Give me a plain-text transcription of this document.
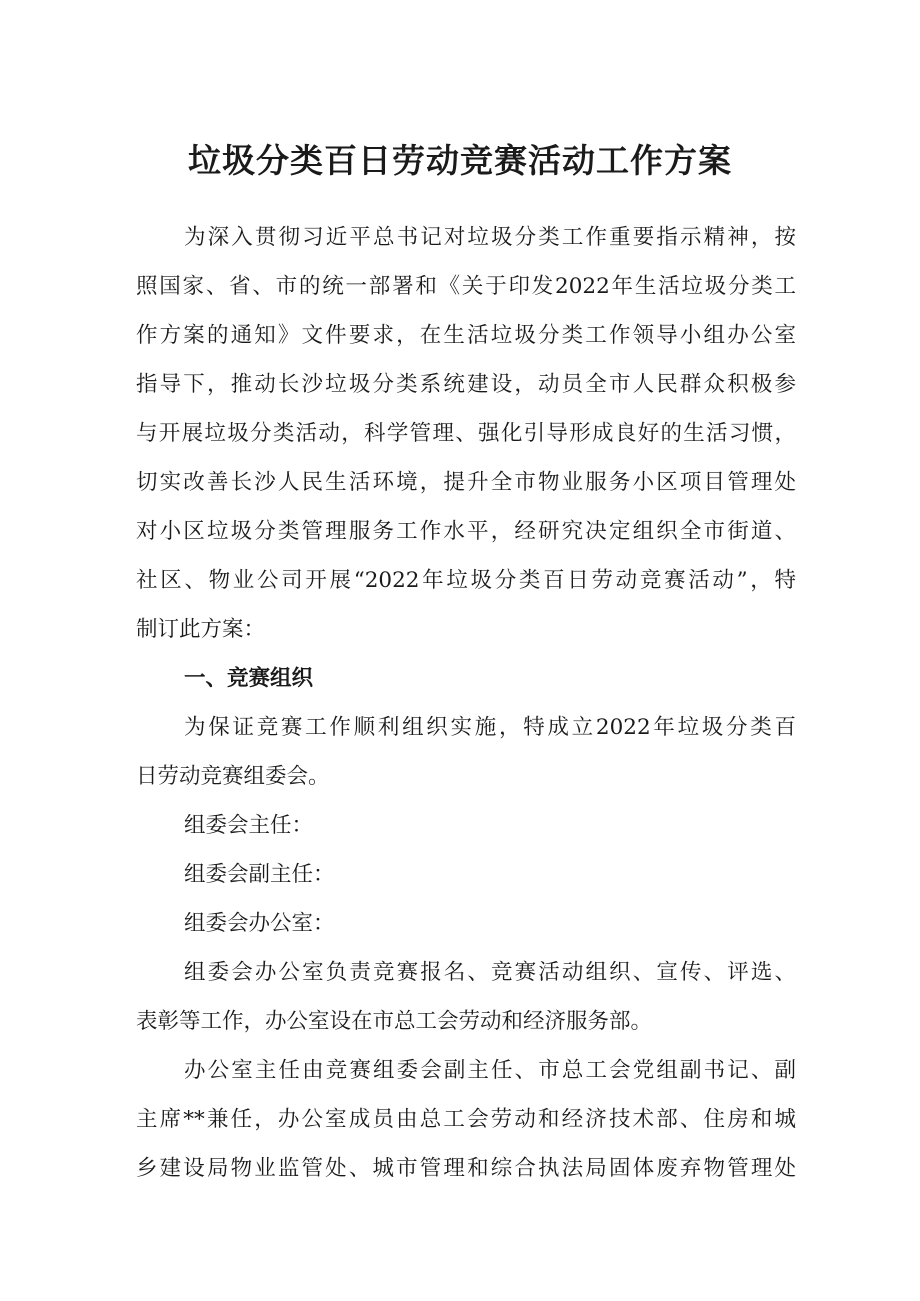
垃圾分类百日劳动竞赛活动工作方案
为深入贯彻习近平总书记对垃圾分类工作重要指示精神，按
照国家、省、市的统一部署和《关于印发2022年生活垃圾分类工
作方案的通知》文件要求，在生活垃圾分类工作领导小组办公室
指导下，推动长沙垃圾分类系统建设，动员全市人民群众积极参
与开展垃圾分类活动，科学管理、强化引导形成良好的生活习惯，
切实改善长沙人民生活环境，提升全市物业服务小区项目管理处
对小区垃圾分类管理服务工作水平，经研究决定组织全市街道、
社区、物业公司开展“2022年垃圾分类百日劳动竞赛活动”，特
制订此方案：
一、竞赛组织
为保证竞赛工作顺利组织实施，特成立2022年垃圾分类百
日劳动竞赛组委会。
组委会主任：
组委会副主任：
组委会办公室：
组委会办公室负责竞赛报名、竞赛活动组织、宣传、评选、
表彰等工作，办公室设在市总工会劳动和经济服务部。
办公室主任由竞赛组委会副主任、市总工会党组副书记、副
主席**兼任，办公室成员由总工会劳动和经济技术部、住房和城
乡建设局物业监管处、城市管理和综合执法局固体废弃物管理处
